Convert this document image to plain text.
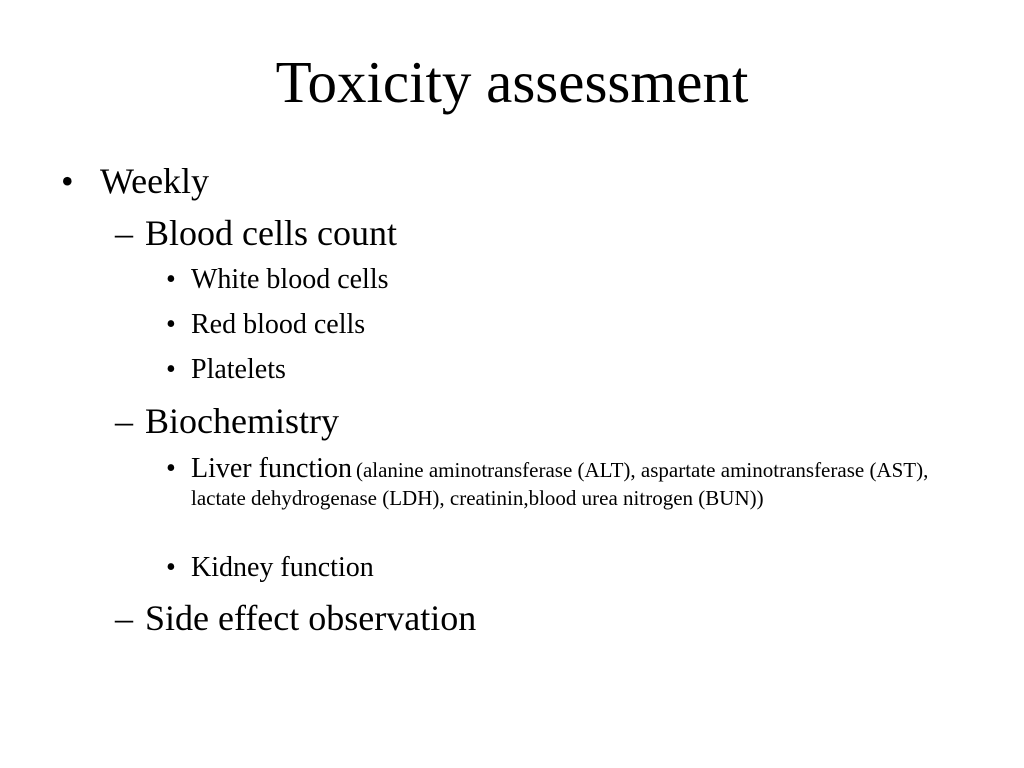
Toxicity assessment
• Weekly
– Blood cells count
• White blood cells
• Red blood cells
• Platelets
– Biochemistry
• Liver function (alanine aminotransferase (ALT), aspartate aminotransferase (AST), lactate dehydrogenase (LDH), creatinin,blood urea nitrogen (BUN))
• Kidney function
– Side effect observation
